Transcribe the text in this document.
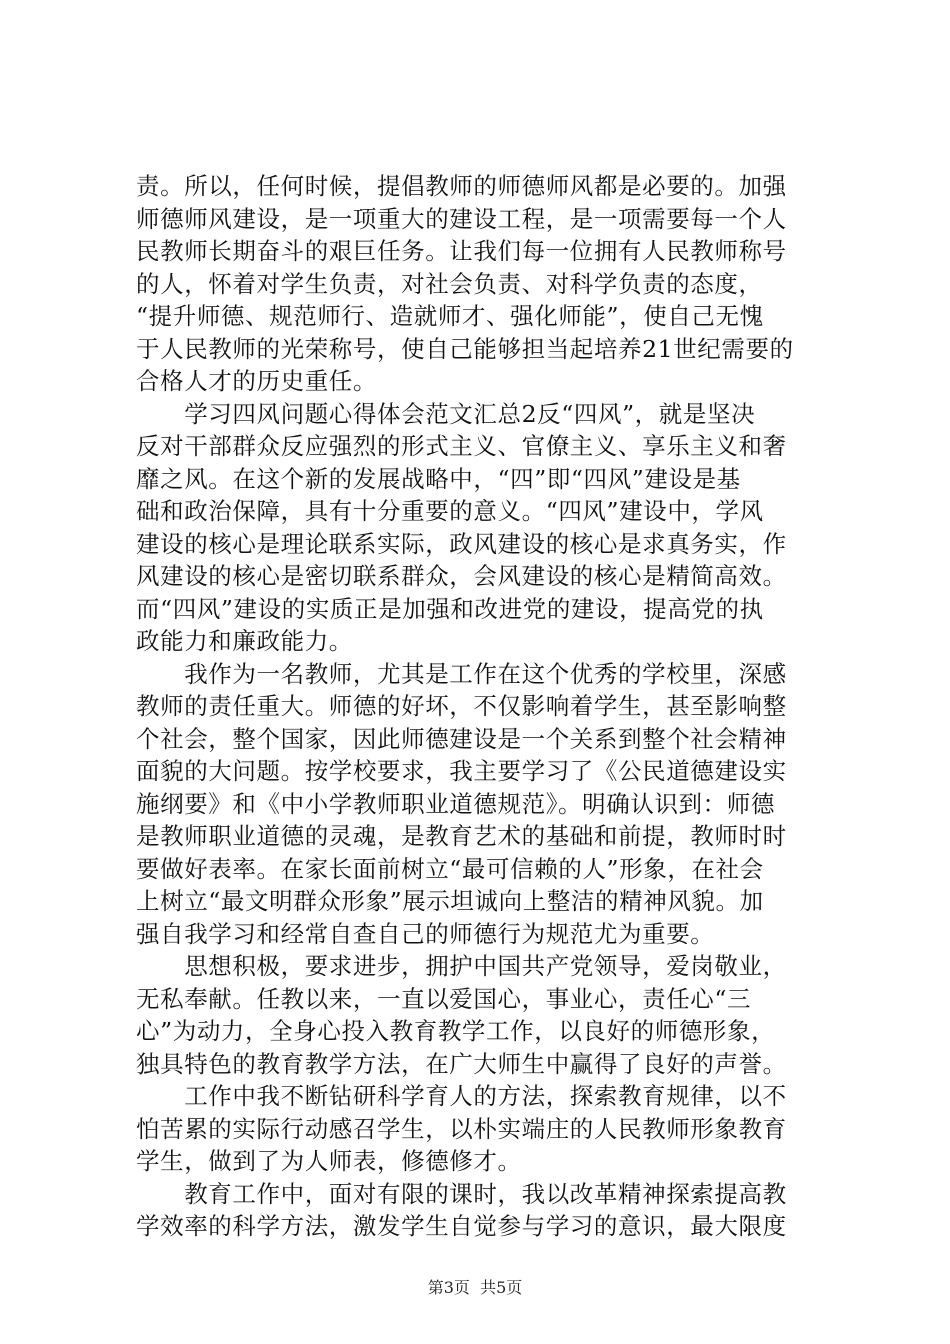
责。所以，任何时候，提倡教师的师德师风都是必要的。加强
师德师风建设，是一项重大的建设工程，是一项需要每一个人
民教师长期奋斗的艰巨任务。让我们每一位拥有人民教师称号
的人，怀着对学生负责，对社会负责、对科学负责的态度，
“提升师德、规范师行、造就师才、强化师能”，使自己无愧
于人民教师的光荣称号，使自己能够担当起培养21世纪需要的
合格人才的历史重任。
　　学习四风问题心得体会范文汇总2反“四风”，就是坚决
反对干部群众反应强烈的形式主义、官僚主义、享乐主义和奢
靡之风。在这个新的发展战略中，“四”即“四风”建设是基
础和政治保障，具有十分重要的意义。“四风”建设中，学风
建设的核心是理论联系实际，政风建设的核心是求真务实，作
风建设的核心是密切联系群众，会风建设的核心是精简高效。
而“四风”建设的实质正是加强和改进党的建设，提高党的执
政能力和廉政能力。
　　我作为一名教师，尤其是工作在这个优秀的学校里，深感
教师的责任重大。师德的好坏，不仅影响着学生，甚至影响整
个社会，整个国家，因此师德建设是一个关系到整个社会精神
面貌的大问题。按学校要求，我主要学习了《公民道德建设实
施纲要》和《中小学教师职业道德规范》。明确认识到：师德
是教师职业道德的灵魂，是教育艺术的基础和前提，教师时时
要做好表率。在家长面前树立“最可信赖的人”形象，在社会
上树立“最文明群众形象”展示坦诚向上整洁的精神风貌。加
强自我学习和经常自查自己的师德行为规范尤为重要。
　　思想积极，要求进步，拥护中国共产党领导，爱岗敬业，
无私奉献。任教以来，一直以爱国心，事业心，责任心“三
心”为动力，全身心投入教育教学工作，以良好的师德形象，
独具特色的教育教学方法，在广大师生中赢得了良好的声誉。
　　工作中我不断钻研科学育人的方法，探索教育规律，以不
怕苦累的实际行动感召学生，以朴实端庄的人民教师形象教育
学生，做到了为人师表，修德修才。
　　教育工作中，面对有限的课时，我以改革精神探索提高教
学效率的科学方法，激发学生自觉参与学习的意识，最大限度
第3页  共5页
